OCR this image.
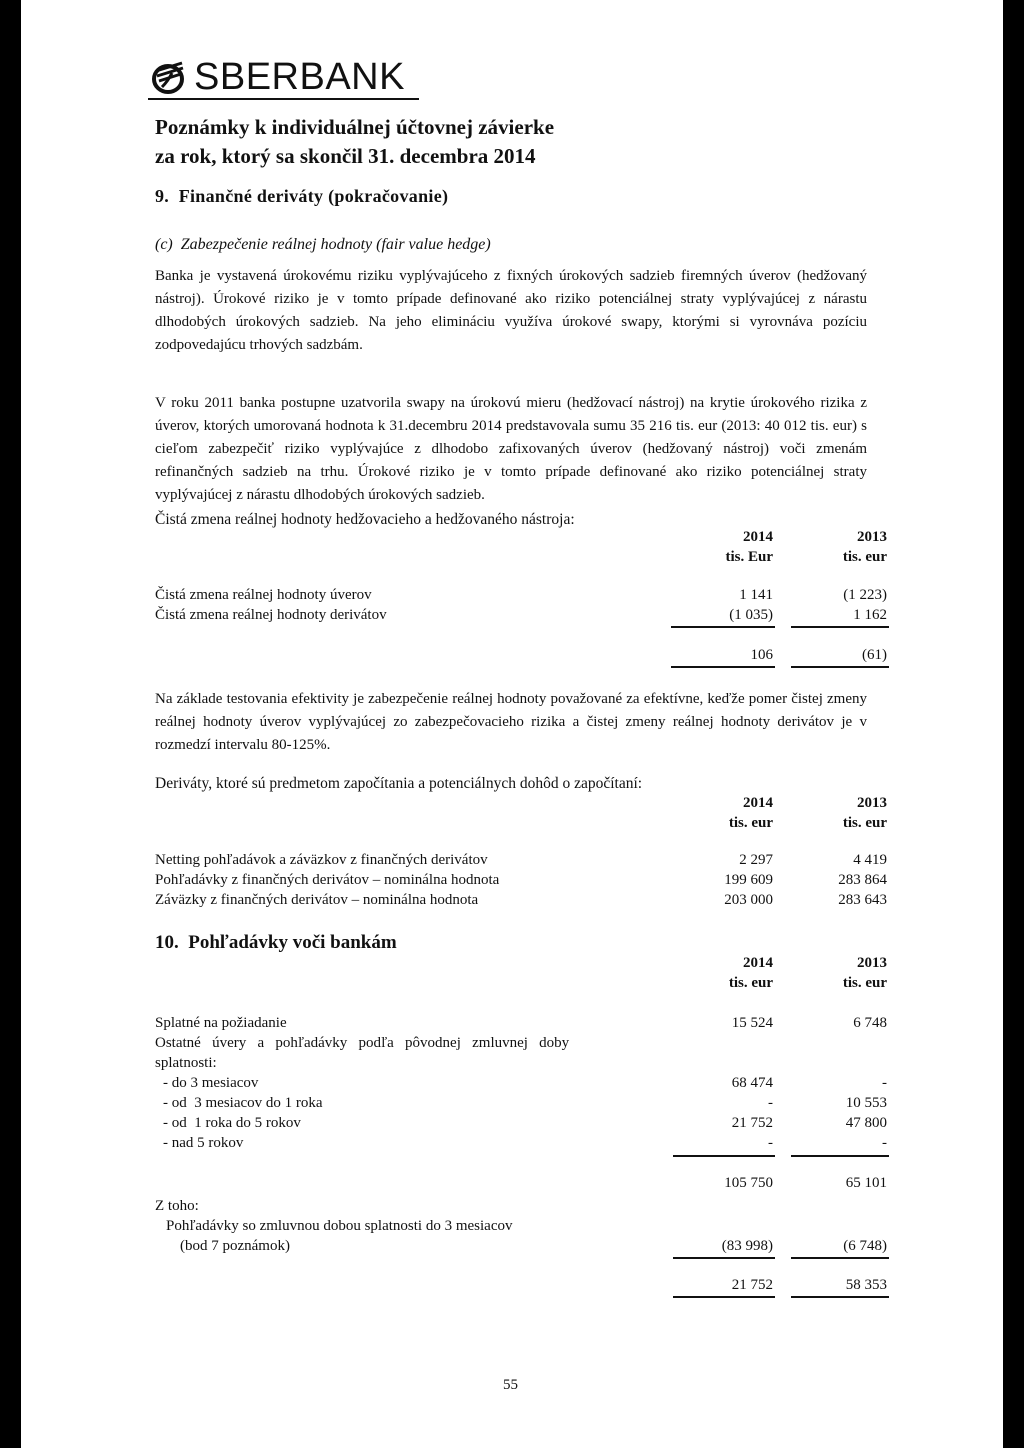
SBERBANK
Poznámky k individuálnej účtovnej závierke
za rok, ktorý sa skončil 31. decembra 2014
9.  Finančné deriváty (pokračovanie)
(c)  Zabezpečenie reálnej hodnoty (fair value hedge)
Banka je vystavená úrokovému riziku vyplývajúceho z fixných úrokových sadzieb firemných úverov (hedžovaný nástroj). Úrokové riziko je v tomto prípade definované ako riziko potenciálnej straty vyplývajúcej z nárastu dlhodobých úrokových sadzieb. Na jeho elimináciu využíva úrokové swapy, ktorými si vyrovnáva pozíciu zodpovedajúcu trhových sadzbám.
V roku 2011 banka postupne uzatvorila swapy na úrokovú mieru (hedžovací nástroj) na krytie úrokového rizika z úverov, ktorých umorovaná hodnota k 31.decembru 2014 predstavovala sumu 35 216 tis. eur (2013: 40 012 tis. eur) s cieľom zabezpečiť riziko vyplývajúce z dlhodobo zafixovaných úverov (hedžovaný nástroj) voči zmenám refinančných sadzieb na trhu. Úrokové riziko je v tomto prípade definované ako riziko potenciálnej straty vyplývajúcej z nárastu dlhodobých úrokových sadzieb.
Čistá zmena reálnej hodnoty hedžovacieho a hedžovaného nástroja:
2014	2013
tis. Eur	tis. eur
Čistá zmena reálnej hodnoty úverov	1 141	(1 223)
Čistá zmena reálnej hodnoty derivátov	(1 035)	1 162
106	(61)
Na základe testovania efektivity je zabezpečenie reálnej hodnoty považované za efektívne, keďže pomer čistej zmeny reálnej hodnoty úverov vyplývajúcej zo zabezpečovacieho rizika a čistej zmeny reálnej hodnoty derivátov je v rozmedzí intervalu 80-125%.
Deriváty, ktoré sú predmetom započítania a potenciálnych dohôd o započítaní:
2014	2013
tis. eur	tis. eur
Netting pohľadávok a záväzkov z finančných derivátov	2 297	4 419
Pohľadávky z finančných derivátov – nominálna hodnota	199 609	283 864
Záväzky z finančných derivátov – nominálna hodnota	203 000	283 643
10.  Pohľadávky voči bankám
2014	2013
tis. eur	tis. eur
Splatné na požiadanie	15 524	6 748
Ostatné   úvery   a   pohľadávky   podľa   pôvodnej   zmluvnej   doby
splatnosti:
- do 3 mesiacov	68 474	-
- od  3 mesiacov do 1 roka	-	10 553
- od  1 roka do 5 rokov	21 752	47 800
- nad 5 rokov	-	-
105 750	65 101
Z toho:
Pohľadávky so zmluvnou dobou splatnosti do 3 mesiacov
(bod 7 poznámok)	(83 998)	(6 748)
21 752	58 353
55
